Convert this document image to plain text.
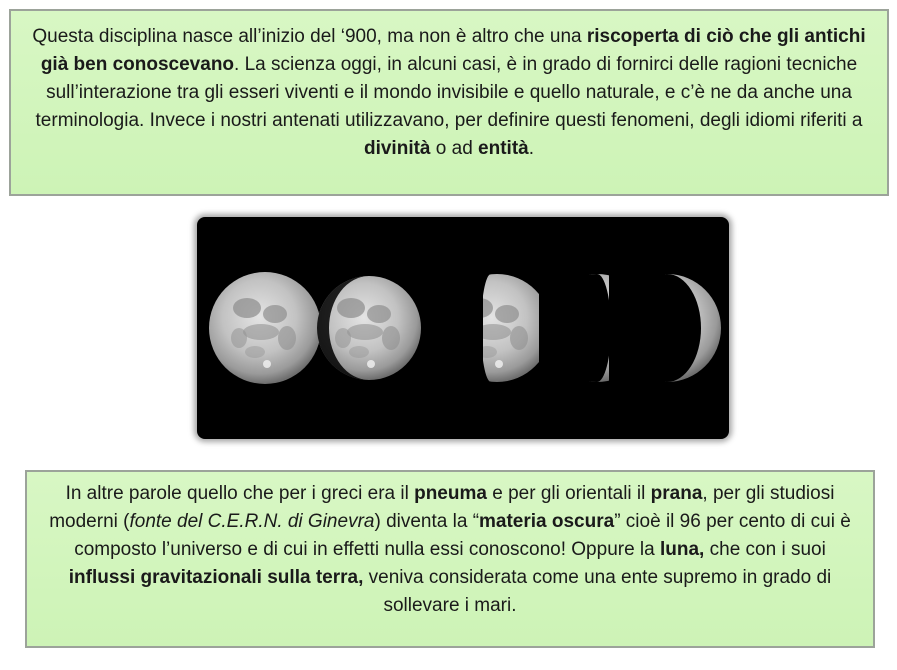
Questa disciplina nasce all’inizio del ‘900, ma non è altro che una riscoperta di ciò che gli antichi già ben conoscevano. La scienza oggi, in alcuni casi, è in grado di fornirci delle ragioni tecniche sull’interazione tra gli esseri viventi e il mondo invisibile e quello naturale, e c’è ne da anche una terminologia. Invece i nostri antenati utilizzavano, per definire questi fenomeni, degli idiomi riferiti a divinità o ad entità.
In altre parole quello che per i greci era il pneuma e per gli orientali il prana, per gli studiosi moderni (fonte del C.E.R.N. di Ginevra) diventa la “materia oscura” cioè il 96 per cento di cui è composto l’universo e di cui in effetti nulla essi conoscono! Oppure la luna, che con i suoi influssi gravitazionali sulla terra, veniva considerata come una ente supremo in grado di sollevare i mari.
